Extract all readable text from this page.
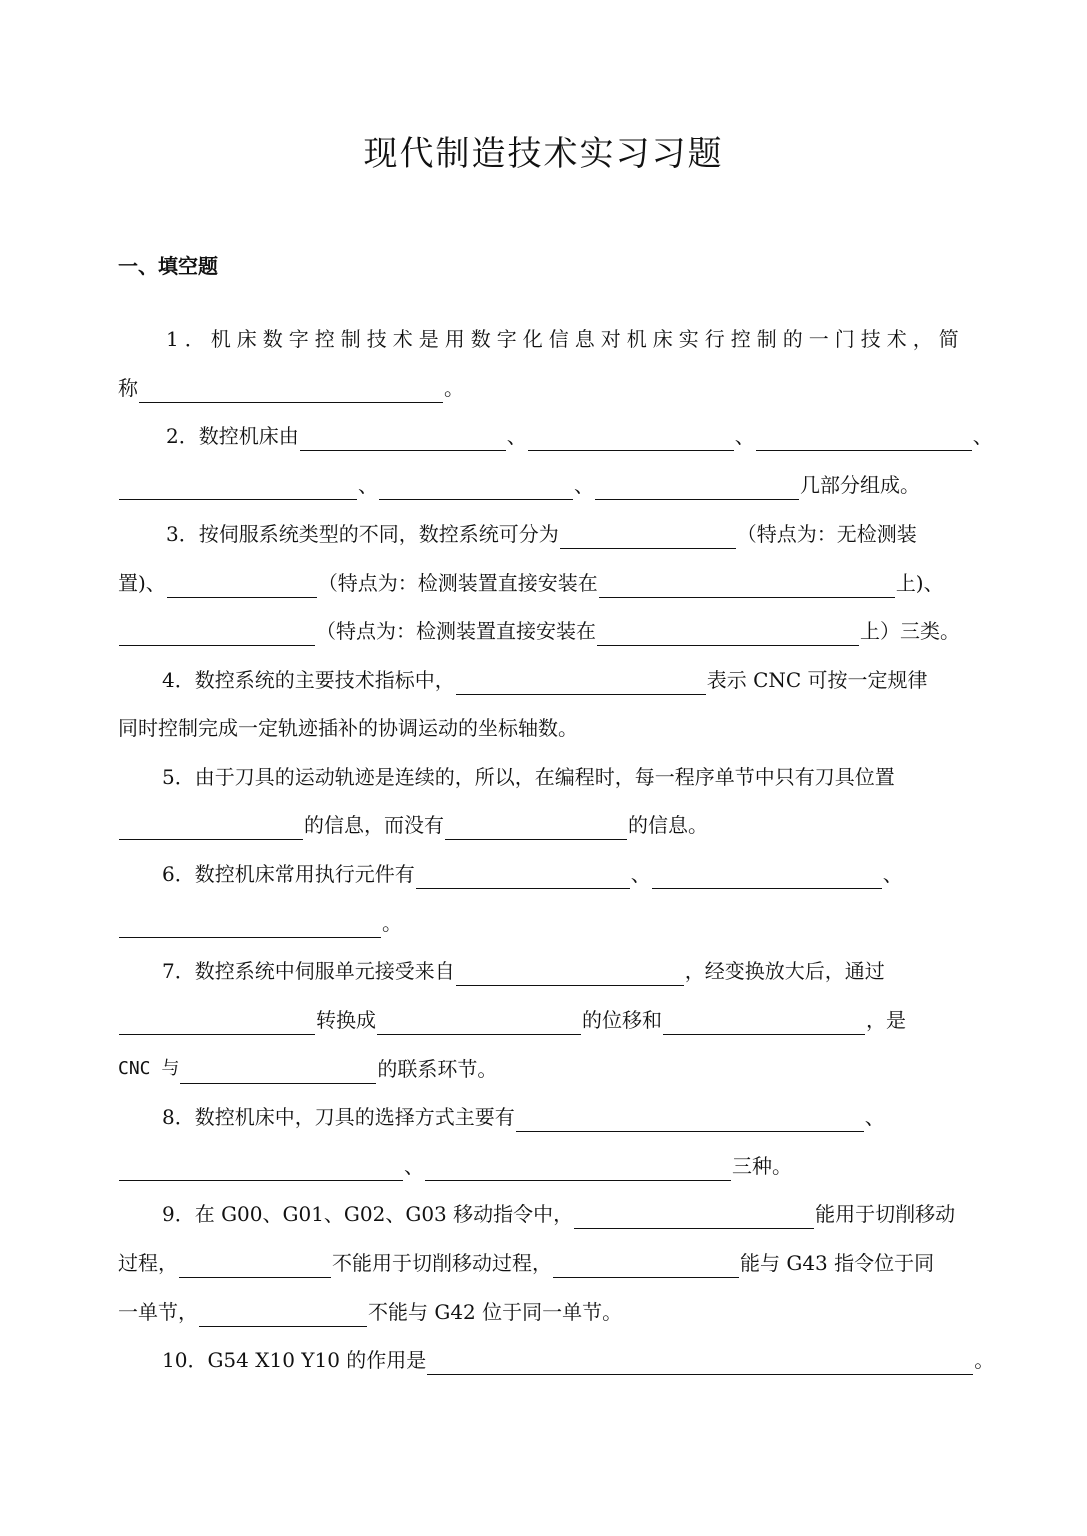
现代制造技术实习习题
一、填空题
1．机床数字控制技术是用数字化信息对机床实行控制的一门技术，简
称	。
2．数控机床由	、	、	、
、	、	几部分组成。
3．按伺服系统类型的不同，数控系统可分为	（特点为：无检测装
置)、	（特点为：检测装置直接安装在	上)、
（特点为：检测装置直接安装在	上）三类。
4．数控系统的主要技术指标中，	表示 CNC 可按一定规律
同时控制完成一定轨迹插补的协调运动的坐标轴数。
5．由于刀具的运动轨迹是连续的，所以，在编程时，每一程序单节中只有刀具位置
的信息，而没有	的信息。
6．数控机床常用执行元件有	、	、
。
7．数控系统中伺服单元接受来自	，经变换放大后，通过
转换成	的位移和	，是
CNC 与	的联系环节。
8．数控机床中，刀具的选择方式主要有	、
、	三种。
9．在 G00、G01、G02、G03 移动指令中，	能用于切削移动
过程，	不能用于切削移动过程，	能与 G43 指令位于同
一单节，	不能与 G42 位于同一单节。
10．G54 X10 Y10 的作用是	。
